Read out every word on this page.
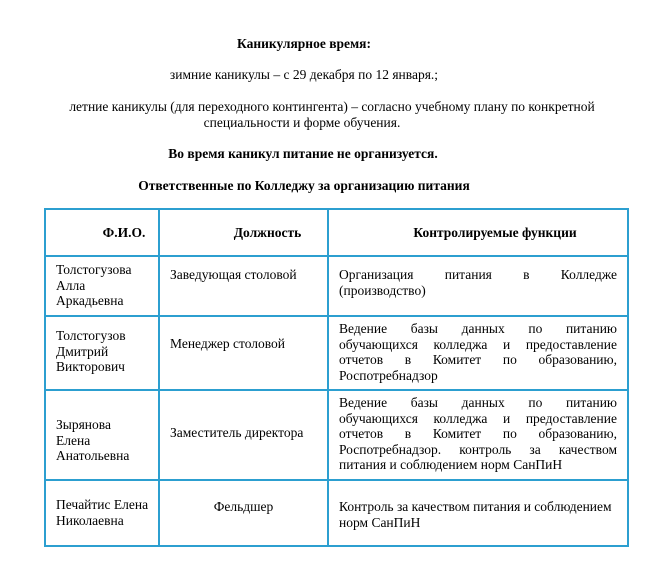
Каникулярное время:
зимние каникулы – с 29 декабря по 12 января.;
летние каникулы (для переходного контингента) – согласно учебному плану по конкретной
специальности и форме обучения.
Во время каникул питание не организуется.
Ответственные по Колледжу за организацию питания
Ф.И.О.	Должность	Контролируемые функции

Толстогузова Алла Аркадьевна	Заведующая столовой	Организация питания в Колледже (производство)

Толстогузов Дмитрий Викторович	Менеджер столовой	Ведение базы данных по питанию обучающихся колледжа и предоставление отчетов в Комитет по образованию, Роспотребнадзор

Зырянова Елена Анатольевна	Заместитель директора	Ведение базы данных по питанию обучающихся колледжа и предоставление отчетов в Комитет по образованию, Роспотребнадзор. контроль за качеством питания и соблюдением норм СанПиН

Печайтис Елена Николаевна	Фельдшер	Контроль за качеством питания и соблюдением норм СанПиН
